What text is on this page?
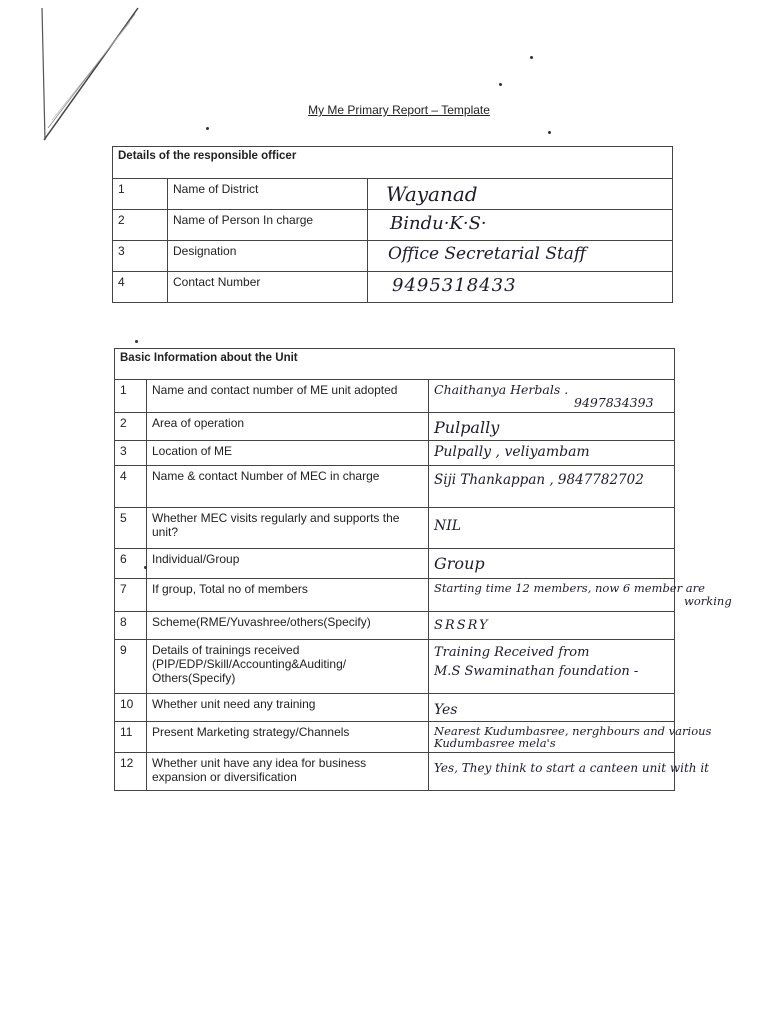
My Me Primary Report – Template
Details of the responsible officer		
1	Name of District	Wayanad
2	Name of Person In charge	Bindu·K·S·
3	Designation	Office Secretarial Staff
4	Contact Number	9495318433
Basic Information about the Unit		
1	Name and contact number of ME unit adopted	Chaithanya Herbals .
9497834393

2	Area of operation	Pulpally
3	Location of ME	Pulpally , veliyambam
4	Name & contact Number of MEC in charge	Siji Thankappan , 9847782702
5	Whether MEC visits regularly and supports the unit?	NIL
6	Individual/Group	Group
7	If group, Total no of members	Starting time 12 members, now 6 member are
working

8	Scheme(RME/Yuvashree/others(Specify)	SRSRY
9	Details of trainings received (PIP/EDP/Skill/Accounting&Auditing/ Others(Specify)	Training Received from
M.S Swaminathan foundation -

10	Whether unit need any training	Yes
11	Present Marketing strategy/Channels	Nearest Kudumbasree, nerghbours and various
Kudumbasree mela's

12	Whether unit have any idea for business expansion or diversification	Yes, They think to start a canteen unit with it
